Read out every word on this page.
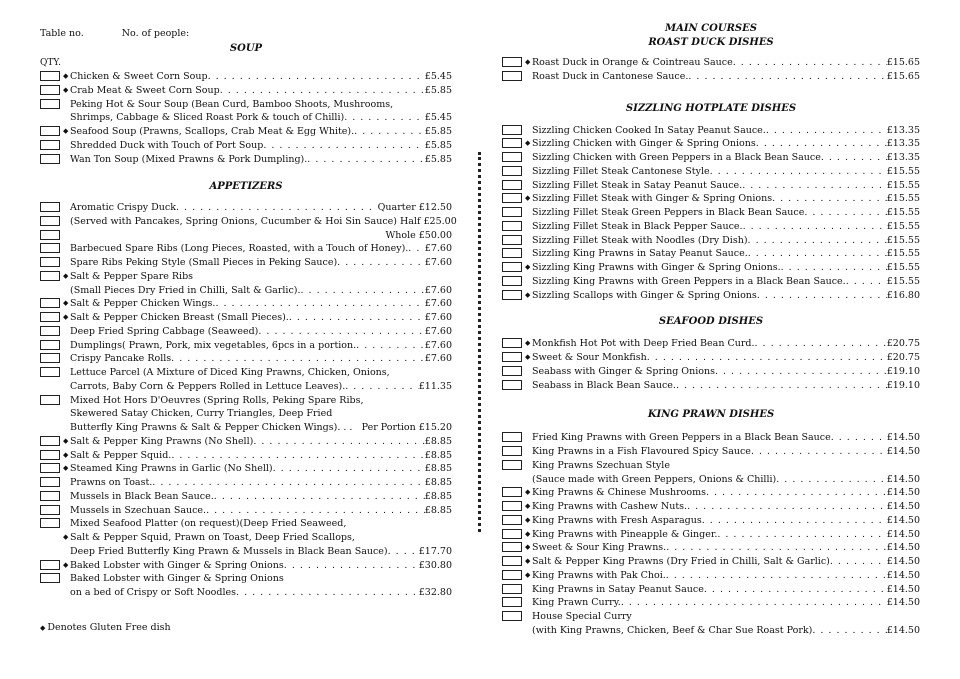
Table no.	No. of people:
SOUP
QTY.
◆ Chicken & Sweet Corn Soup . . .	£5.45
◆ Crab Meat & Sweet Corn Soup . . .	£5.85
Peking Hot & Sour Soup (Bean Curd, Bamboo Shoots, Mushrooms,
Shrimps, Cabbage & Sliced Roast Pork & touch of Chilli) . . .	£5.45
◆ Seafood Soup (Prawns, Scallops, Crab Meat & Egg White). . . .	£5.85
Shredded Duck with Touch of Port Soup . . .	£5.85
Wan Ton Soup (Mixed Prawns & Pork Dumpling). . . .	£5.85
APPETIZERS
Aromatic Crispy Duck . . .	Quarter £12.50
(Served with Pancakes, Spring Onions, Cucumber & Hoi Sin Sauce) Half £25.00
Whole £50.00
Barbecued Spare Ribs (Long Pieces, Roasted, with a Touch of Honey). . . . £7.60
Spare Ribs Peking Style (Small Pieces in Peking Sauce) . . .	£7.60
◆ Salt & Pepper Spare Ribs
(Small Pieces Dry Fried in Chilli, Salt & Garlic). . . .	£7.60
◆ Salt & Pepper Chicken Wings. . . .	£7.60
◆ Salt & Pepper Chicken Breast (Small Pieces). . . .	£7.60
Deep Fried Spring Cabbage (Seaweed) . . .	£7.60
Dumplings( Prawn, Pork, mix vegetables, 6pcs in a portion. . . .	£7.60
Crispy Pancake Rolls . . .	£7.60
Lettuce Parcel (A Mixture of Diced King Prawns, Chicken, Onions,
Carrots, Baby Corn & Peppers Rolled in Lettuce Leaves). . . .	£11.35
Mixed Hot Hors D'Oeuvres (Spring Rolls, Peking Spare Ribs,
Skewered Satay Chicken, Curry Triangles, Deep Fried
Butterfly King Prawns & Salt & Pepper Chicken Wings). . . Per Portion £15.20
◆ Salt & Pepper King Prawns (No Shell) . . .	£8.85
◆ Salt & Pepper Squid. . . .	£8.85
◆ Steamed King Prawns in Garlic (No Shell) . . .	£8.85
Prawns on Toast. . . .	£8.85
Mussels in Black Bean Sauce. . . .	£8.85
Mussels in Szechuan Sauce. . . .	£8.85
Mixed Seafood Platter (on request)(Deep Fried Seaweed,
◆ Salt & Pepper Squid, Prawn on Toast, Deep Fried Scallops,
Deep Fried Butterfly King Prawn & Mussels in Black Bean Sauce) . . .	£17.70
◆ Baked Lobster with Ginger & Spring Onions . . .	£30.80
Baked Lobster with Ginger & Spring Onions
on a bed of Crispy or Soft Noodles . . .	£32.80
MAIN COURSES
ROAST DUCK DISHES
◆ Roast Duck in Orange & Cointreau Sauce . . .	£15.65
Roast Duck in Cantonese Sauce. . . .	£15.65
SIZZLING HOTPLATE DISHES
Sizzling Chicken Cooked In Satay Peanut Sauce. . . .	£13.35
◆ Sizzling Chicken with Ginger & Spring Onions . . .	£13.35
Sizzling Chicken with Green Peppers in a Black Bean Sauce . . .	£13.35
Sizzling Fillet Steak Cantonese Style . . .	£15.55
Sizzling Fillet Steak in Satay Peanut Sauce. . . .	£15.55
◆ Sizzling Fillet Steak with Ginger & Spring Onions . . .	£15.55
Sizzling Fillet Steak Green Peppers in Black Bean Sauce . . .	£15.55
Sizzling Fillet Steak in Black Pepper Sauce. . . .	£15.55
Sizzling Fillet Steak with Noodles (Dry Dish) . . .	£15.55
Sizzling King Prawns in Satay Peanut Sauce. . . .	£15.55
◆ Sizzling King Prawns with Ginger & Spring Onions. . . .	£15.55
Sizzling King Prawns with Green Peppers in a Black Bean Sauce. . . .	£15.55
◆ Sizzling Scallops with Ginger & Spring Onions . . .	£16.80
SEAFOOD DISHES
◆ Monkfish Hot Pot with Deep Fried Bean Curd. . . .	£20.75
◆ Sweet & Sour Monkfish . . .	£20.75
Seabass with Ginger & Spring Onions . . .	£19.10
Seabass in Black Bean Sauce. . . .	£19.10
KING PRAWN DISHES
Fried King Prawns with Green Peppers in a Black Bean Sauce . . .	£14.50
King Prawns in a Fish Flavoured Spicy Sauce . . .	£14.50
King Prawns Szechuan Style
(Sauce made with Green Peppers, Onions & Chilli) . . .	£14.50
◆ King Prawns & Chinese Mushrooms . . .	£14.50
◆ King Prawns with Cashew Nuts. . . .	£14.50
◆ King Prawns with Fresh Asparagus . . .	£14.50
◆ King Prawns with Pineapple & Ginger. . . .	£14.50
◆ Sweet & Sour King Prawns. . . .	£14.50
◆ Salt & Pepper King Prawns (Dry Fried in Chilli, Salt & Garlic) . . .	£14.50
◆ King Prawns with Pak Choi. . . .	£14.50
King Prawns in Satay Peanut Sauce . . .	£14.50
King Prawn Curry. . . .	£14.50
House Special Curry
(with King Prawns, Chicken, Beef & Char Sue Roast Pork) . . .	£14.50
◆ Denotes Gluten Free dish
